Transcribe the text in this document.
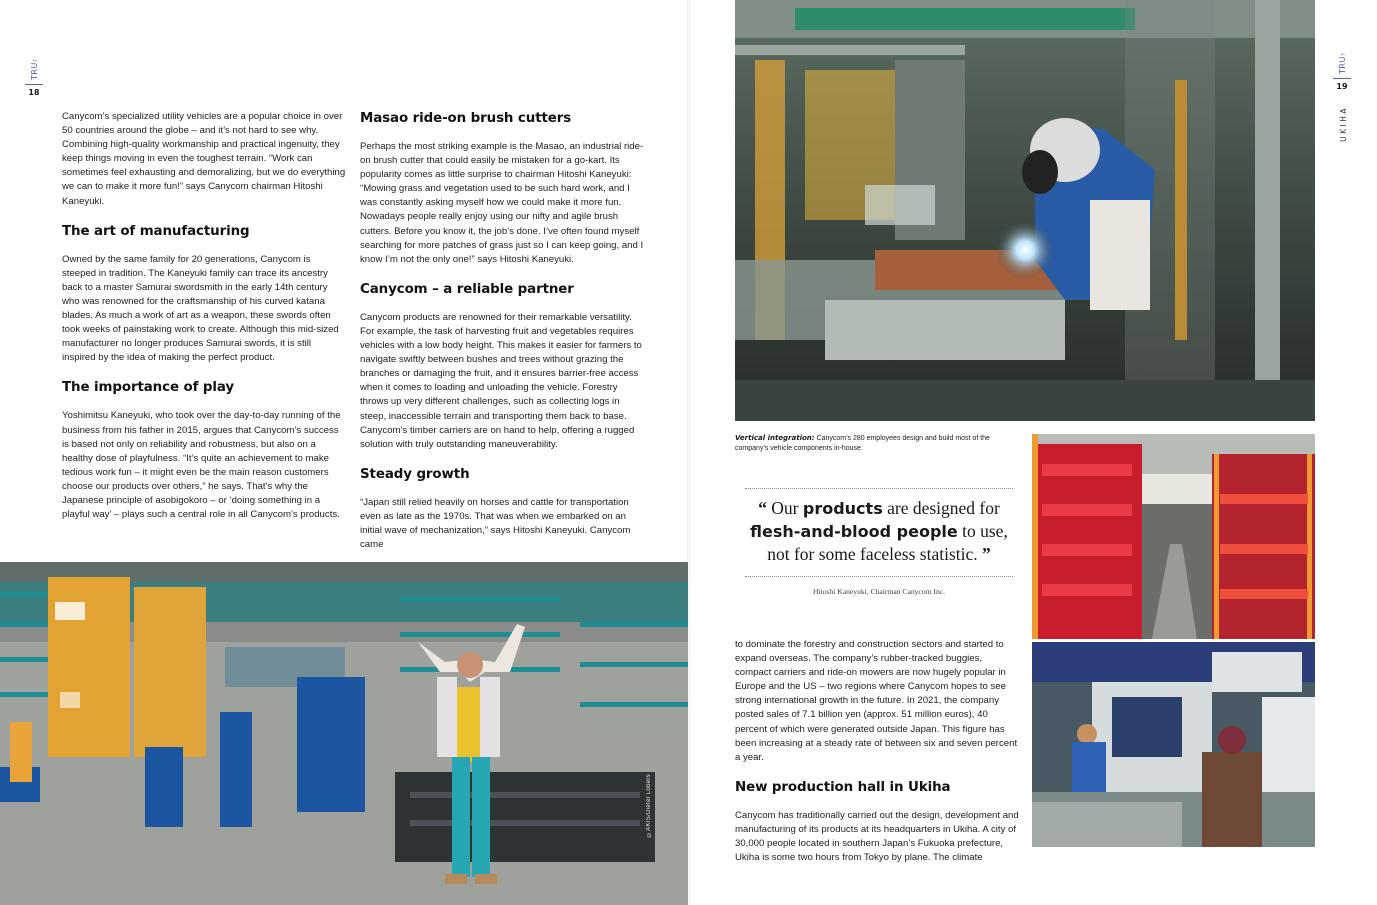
TRU₇
18
TRU₇
19
UKIHA

Canycom’s specialized utility vehicles are a popular choice in over 50 countries around the globe – and it’s not hard to see why. Combining high-quality workmanship and practical ingenuity, they keep things moving in even the toughest terrain. “Work can sometimes feel exhausting and demoralizing, but we do everything we can to make it more fun!” says Canycom chairman Hitoshi Kaneyuki.

The art of manufacturing

Owned by the same family for 20 generations, Canycom is steeped in tradition. The Kaneyuki family can trace its ancestry back to a master Samurai swordsmith in the early 14th century who was renowned for the craftsmanship of his curved katana blades. As much a work of art as a weapon, these swords often took weeks of painstaking work to create. Although this mid-sized manufacturer no longer produces Samurai swords, it is still inspired by the idea of making the perfect product.

The importance of play

Yoshimitsu Kaneyuki, who took over the day-to-day running of the business from his father in 2015, argues that Canycom’s success is based not only on reliability and robustness, but also on a healthy dose of playfulness. “It’s quite an achievement to make tedious work fun – it might even be the main reason customers choose our products over others,” he says. That’s why the Japanese principle of asobigokoro – or ‘doing something in a playful way’ – plays such a central role in all Canycom’s products.

Masao ride-on brush cutters

Perhaps the most striking example is the Masao, an industrial ride-on brush cutter that could easily be mistaken for a go-kart. Its popularity comes as little surprise to chairman Hitoshi Kaneyuki: “Mowing grass and vegetation used to be such hard work, and I was constantly asking myself how we could make it more fun. Nowadays people really enjoy using our nifty and agile brush cutters. Before you know it, the job’s done. I’ve often found myself searching for more patches of grass just so I can keep going, and I know I’m not the only one!” says Hitoshi Kaneyuki.

Canycom – a reliable partner

Canycom products are renowned for their remarkable versatility. For example, the task of harvesting fruit and vegetables requires vehicles with a low body height. This makes it easier for farmers to navigate swiftly between bushes and trees without grazing the branches or damaging the fruit, and it ensures barrier-free access when it comes to loading and unloading the vehicle. Forestry throws up very different challenges, such as collecting logs in steep, inaccessible terrain and transporting them back to base. Canycom’s timber carriers are on hand to help, offering a rugged solution with truly outstanding maneuverability.

Steady growth

“Japan still relied heavily on horses and cattle for transportation even as late as the 1970s. That was when we embarked on an initial wave of mechanization,” says Hitoshi Kaneyuki. Canycom came

to dominate the forestry and construction sectors and started to expand overseas. The company’s rubber-tracked buggies, compact carriers and ride-on mowers are now hugely popular in Europe and the US – two regions where Canycom hopes to see strong international growth in the future. In 2021, the company posted sales of 7.1 billion yen (approx. 51 million euros), 40 percent of which were generated outside Japan. This figure has been increasing at a steady rate of between six and seven percent a year.

New production hall in Ukiha

Canycom has traditionally carried out the design, development and manufacturing of its products at its headquarters in Ukiha. A city of 30,000 people located in southern Japan’s Fukuoka prefecture, Ukiha is some two hours from Tokyo by plane. The climate

Vertical integration: Canycom’s 280 employees design and build most of the company’s vehicle components in-house.
“ Our products are designed for flesh-and-blood people to use, not for some faceless statistic. ”
Hitoshi Kaneyuki, Chairman Canycom Inc.
©AKIS/Dieter Lobers
